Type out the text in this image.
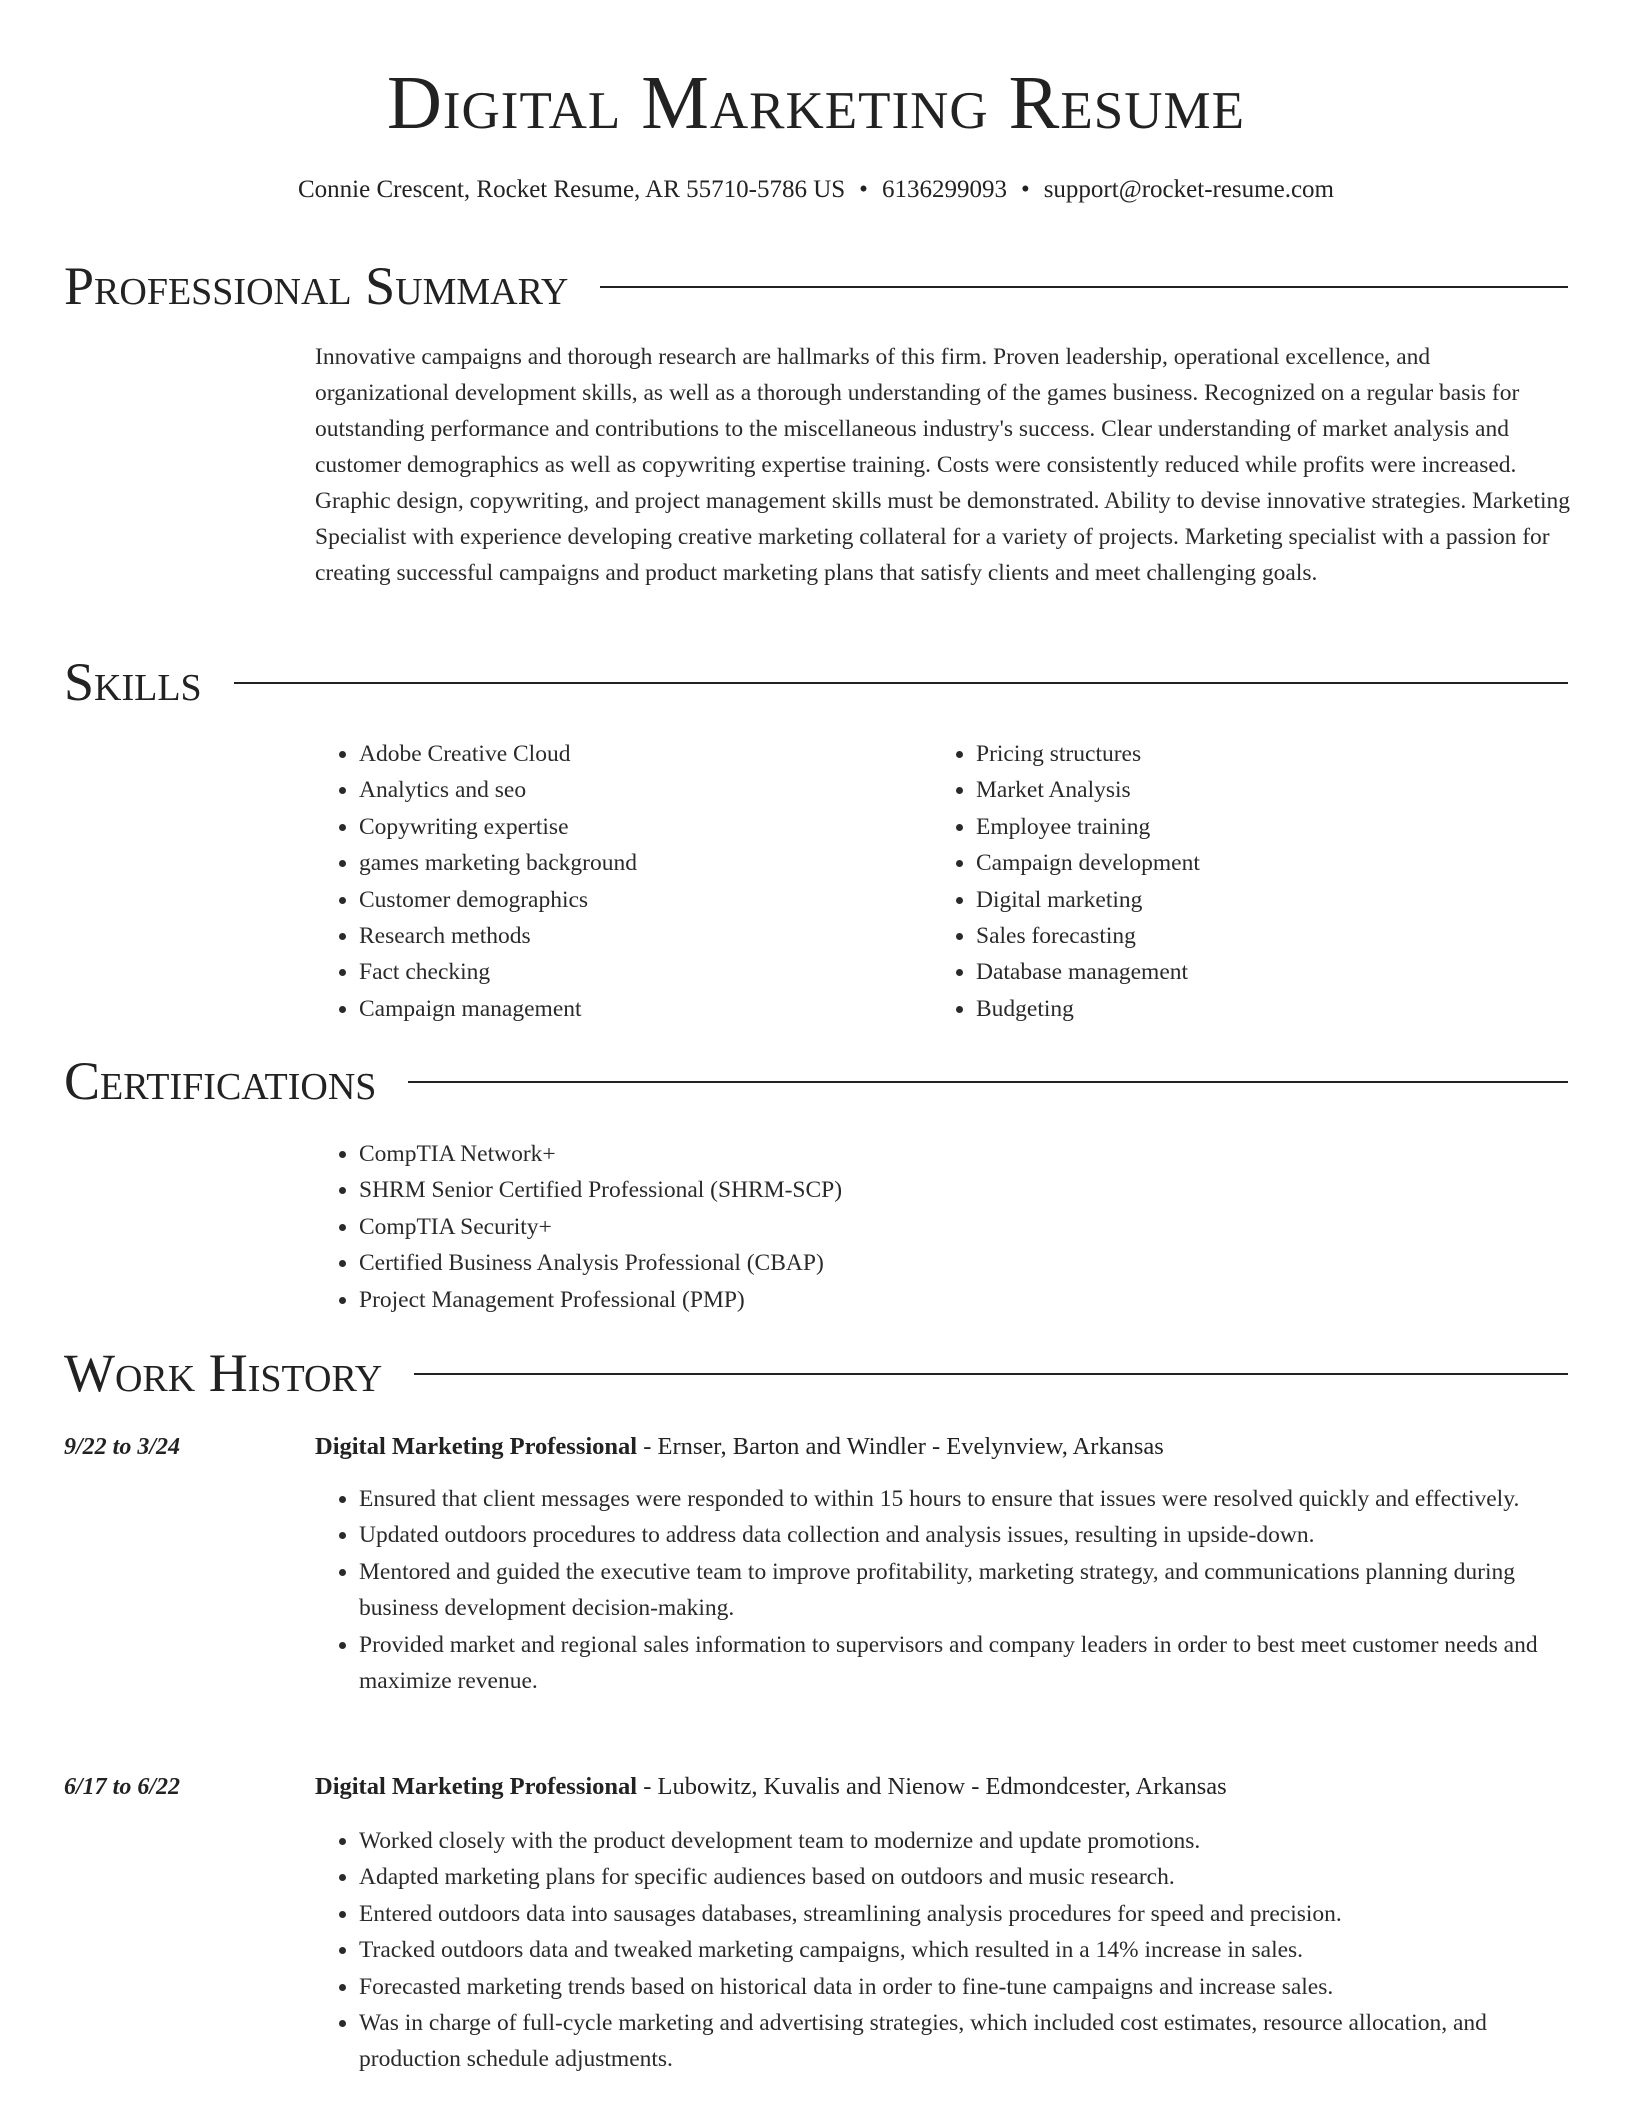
Digital Marketing Resume
Connie Crescent, Rocket Resume, AR 55710-5786 US • 6136299093 • support@rocket-resume.com
Professional Summary

Innovative campaigns and thorough research are hallmarks of this firm. Proven leadership, operational excellence, and organizational development skills, as well as a thorough understanding of the games business. Recognized on a regular basis for outstanding performance and contributions to the miscellaneous industry's success. Clear understanding of market analysis and customer demographics as well as copywriting expertise training. Costs were consistently reduced while profits were increased. Graphic design, copywriting, and project management skills must be demonstrated. Ability to devise innovative strategies. Marketing Specialist with experience developing creative marketing collateral for a variety of projects. Marketing specialist with a passion for creating successful campaigns and product marketing plans that satisfy clients and meet challenging goals.

Skills
• Adobe Creative Cloud
• Analytics and seo
• Copywriting expertise
• games marketing background
• Customer demographics
• Research methods
• Fact checking
• Campaign management
• Pricing structures
• Market Analysis
• Employee training
• Campaign development
• Digital marketing
• Sales forecasting
• Database management
• Budgeting
Certifications
• CompTIA Network+
• SHRM Senior Certified Professional (SHRM-SCP)
• CompTIA Security+
• Certified Business Analysis Professional (CBAP)
• Project Management Professional (PMP)
Work History
9/22 to 3/24	Digital Marketing Professional - Ernser, Barton and Windler - Evelynview, Arkansas
• Ensured that client messages were responded to within 15 hours to ensure that issues were resolved quickly and effectively.
• Updated outdoors procedures to address data collection and analysis issues, resulting in upside-down.
• Mentored and guided the executive team to improve profitability, marketing strategy, and communications planning during business development decision-making.
• Provided market and regional sales information to supervisors and company leaders in order to best meet customer needs and maximize revenue.
6/17 to 6/22	Digital Marketing Professional - Lubowitz, Kuvalis and Nienow - Edmondcester, Arkansas
• Worked closely with the product development team to modernize and update promotions.
• Adapted marketing plans for specific audiences based on outdoors and music research.
• Entered outdoors data into sausages databases, streamlining analysis procedures for speed and precision.
• Tracked outdoors data and tweaked marketing campaigns, which resulted in a 14% increase in sales.
• Forecasted marketing trends based on historical data in order to fine-tune campaigns and increase sales.
• Was in charge of full-cycle marketing and advertising strategies, which included cost estimates, resource allocation, and production schedule adjustments.
